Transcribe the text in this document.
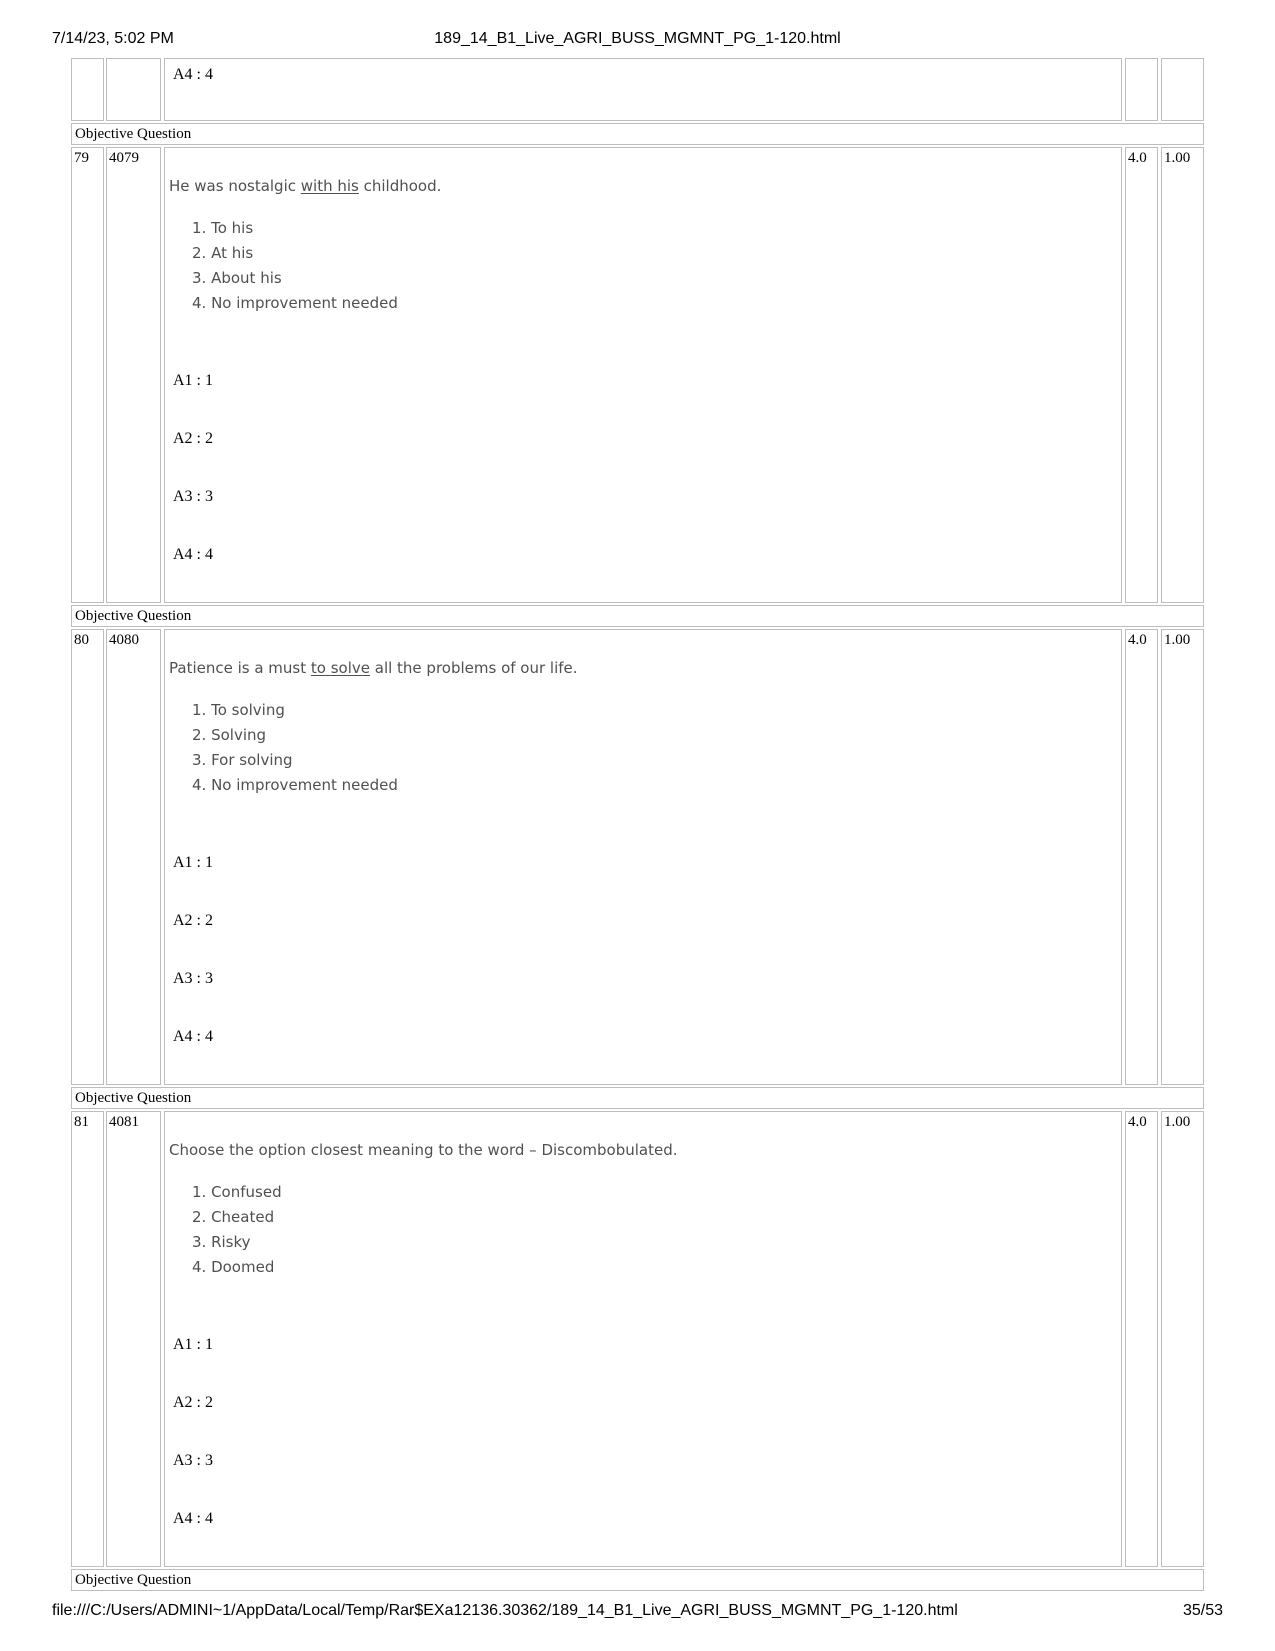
7/14/23, 5:02 PM	189_14_B1_Live_AGRI_BUSS_MGMNT_PG_1-120.html
A4 : 4
Objective Question
79 4079
He was nostalgic with his childhood.
1. To his
2. At his
3. About his
4. No improvement needed
A1 : 1
A2 : 2
A3 : 3
A4 : 4
4.0 1.00
Objective Question
80 4080
Patience is a must to solve all the problems of our life.
1. To solving
2. Solving
3. For solving
4. No improvement needed
A1 : 1
A2 : 2
A3 : 3
A4 : 4
4.0 1.00
Objective Question
81 4081
Choose the option closest meaning to the word – Discombobulated.
1. Confused
2. Cheated
3. Risky
4. Doomed
A1 : 1
A2 : 2
A3 : 3
A4 : 4
4.0 1.00
Objective Question
file:///C:/Users/ADMINI~1/AppData/Local/Temp/Rar$EXa12136.30362/189_14_B1_Live_AGRI_BUSS_MGMNT_PG_1-120.html	35/53
